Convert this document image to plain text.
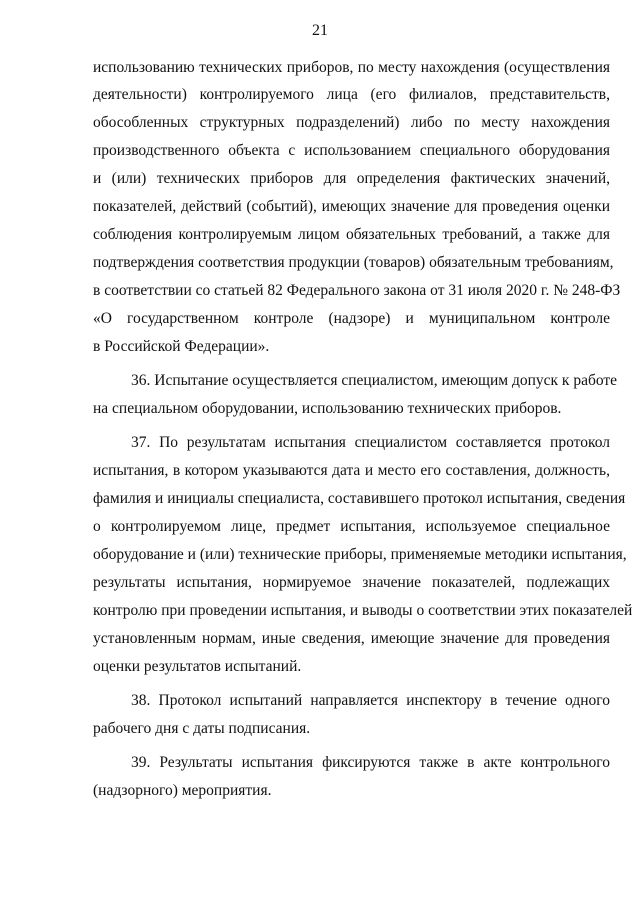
21
использованию технических приборов, по месту нахождения (осуществления
деятельности) контролируемого лица (его филиалов, представительств,
обособленных структурных подразделений) либо по месту нахождения
производственного объекта с использованием специального оборудования
и (или) технических приборов для определения фактических значений,
показателей, действий (событий), имеющих значение для проведения оценки
соблюдения контролируемым лицом обязательных требований, а также для
подтверждения соответствия продукции (товаров) обязательным требованиям,
в соответствии со статьей 82 Федерального закона от 31 июля 2020 г. № 248-ФЗ
«О государственном контроле (надзоре) и муниципальном контроле
в Российской Федерации».
36. Испытание осуществляется специалистом, имеющим допуск к работе
на специальном оборудовании, использованию технических приборов.
37. По результатам испытания специалистом составляется протокол
испытания, в котором указываются дата и место его составления, должность,
фамилия и инициалы специалиста, составившего протокол испытания, сведения
о контролируемом лице, предмет испытания, используемое специальное
оборудование и (или) технические приборы, применяемые методики испытания,
результаты испытания, нормируемое значение показателей, подлежащих
контролю при проведении испытания, и выводы о соответствии этих показателей
установленным нормам, иные сведения, имеющие значение для проведения
оценки результатов испытаний.
38. Протокол испытаний направляется инспектору в течение одного
рабочего дня с даты подписания.
39. Результаты испытания фиксируются также в акте контрольного
(надзорного) мероприятия.
